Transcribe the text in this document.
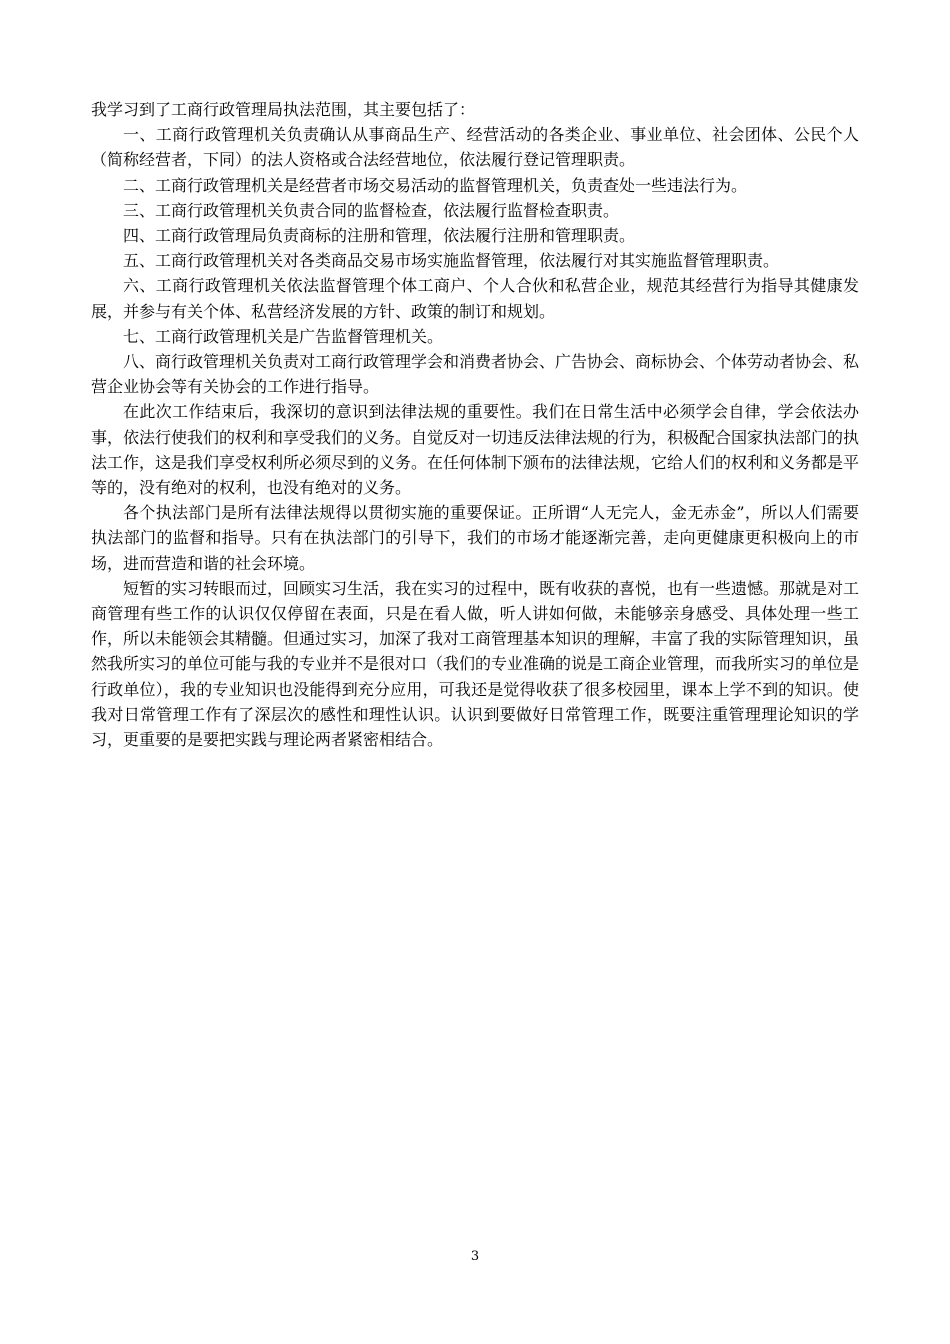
我学习到了工商行政管理局执法范围，其主要包括了：

一、工商行政管理机关负责确认从事商品生产、经营活动的各类企业、事业单位、社会团体、公民个人（简称经营者，下同）的法人资格或合法经营地位，依法履行登记管理职责。

二、工商行政管理机关是经营者市场交易活动的监督管理机关，负责查处一些违法行为。

三、工商行政管理机关负责合同的监督检查，依法履行监督检查职责。

四、工商行政管理局负责商标的注册和管理，依法履行注册和管理职责。

五、工商行政管理机关对各类商品交易市场实施监督管理，依法履行对其实施监督管理职责。

六、工商行政管理机关依法监督管理个体工商户、个人合伙和私营企业，规范其经营行为指导其健康发展，并参与有关个体、私营经济发展的方针、政策的制订和规划。

七、工商行政管理机关是广告监督管理机关。

八、商行政管理机关负责对工商行政管理学会和消费者协会、广告协会、商标协会、个体劳动者协会、私营企业协会等有关协会的工作进行指导。

在此次工作结束后，我深切的意识到法律法规的重要性。我们在日常生活中必须学会自律，学会依法办事，依法行使我们的权利和享受我们的义务。自觉反对一切违反法律法规的行为，积极配合国家执法部门的执法工作，这是我们享受权利所必须尽到的义务。在任何体制下颁布的法律法规，它给人们的权利和义务都是平等的，没有绝对的权利，也没有绝对的义务。

各个执法部门是所有法律法规得以贯彻实施的重要保证。正所谓“人无完人，金无赤金”，所以人们需要执法部门的监督和指导。只有在执法部门的引导下，我们的市场才能逐渐完善，走向更健康更积极向上的市场，进而营造和谐的社会环境。

短暂的实习转眼而过，回顾实习生活，我在实习的过程中，既有收获的喜悦，也有一些遗憾。那就是对工商管理有些工作的认识仅仅停留在表面，只是在看人做，听人讲如何做，未能够亲身感受、具体处理一些工作，所以未能领会其精髓。但通过实习，加深了我对工商管理基本知识的理解，丰富了我的实际管理知识，虽然我所实习的单位可能与我的专业并不是很对口（我们的专业准确的说是工商企业管理，而我所实习的单位是行政单位），我的专业知识也没能得到充分应用，可我还是觉得收获了很多校园里，课本上学不到的知识。使我对日常管理工作有了深层次的感性和理性认识。认识到要做好日常管理工作，既要注重管理理论知识的学习，更重要的是要把实践与理论两者紧密相结合。

3
